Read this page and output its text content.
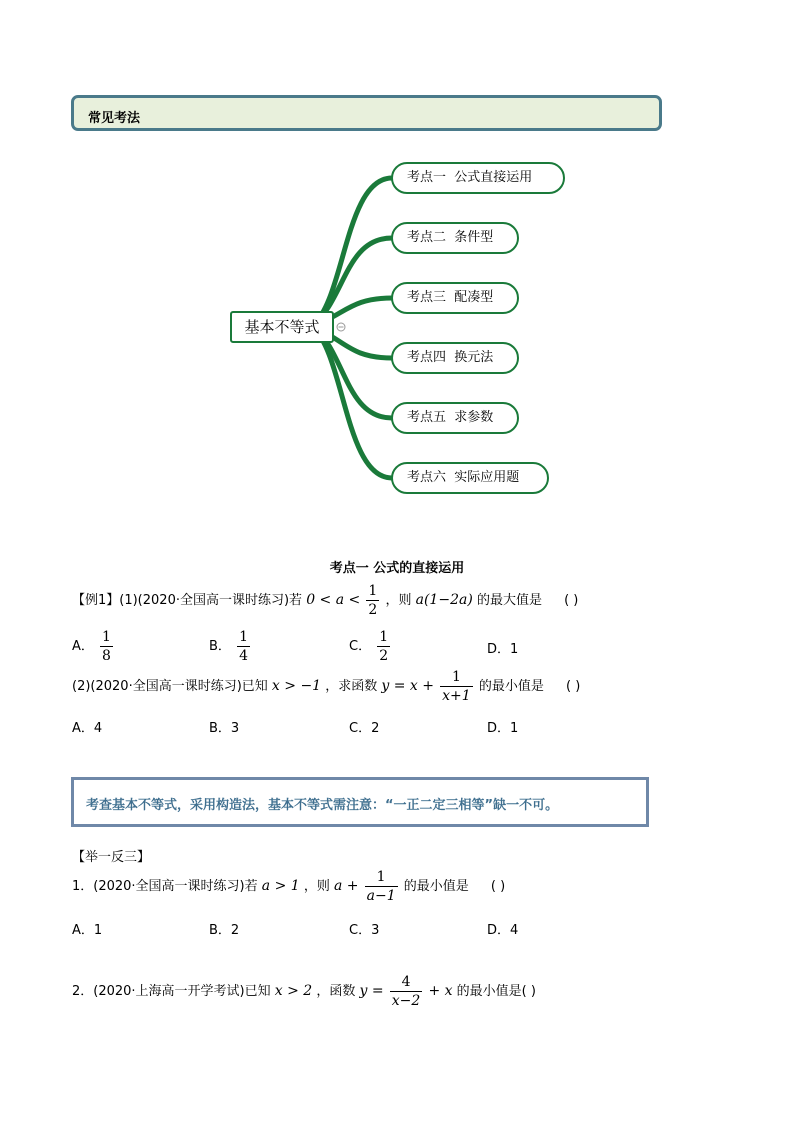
常见考法
基本不等式
考点一  公式直接运用
考点二  条件型
考点三  配凑型
考点四  换元法
考点五  求参数
考点六  实际应用题
考点一 公式的直接运用
【例1】(1)(2020·全国高一课时练习)若 $0 < a < \frac{1}{2}$ ，则 a(1−2a) 的最大值是 ( )
A． $\frac{1}{8}$	B． $\frac{1}{4}$	C． $\frac{1}{2}$	D．1
(2)(2020·全国高一课时练习)已知 x > −1 ，求函数 $y = x + \frac{1}{x+1}$ 的最小值是 ( )
A．4	B．3	C．2	D．1
考查基本不等式，采用构造法，基本不等式需注意：“一正二定三相等”缺一不可。
【举一反三】
1．(2020·全国高一课时练习)若 a > 1 ，则 $a + \frac{1}{a-1}$ 的最小值是 ( )
A．1	B．2	C．3	D．4
2．(2020·上海高一开学考试)已知 x > 2 ，函数 $y = \frac{4}{x-2} + x$ 的最小值是( )
